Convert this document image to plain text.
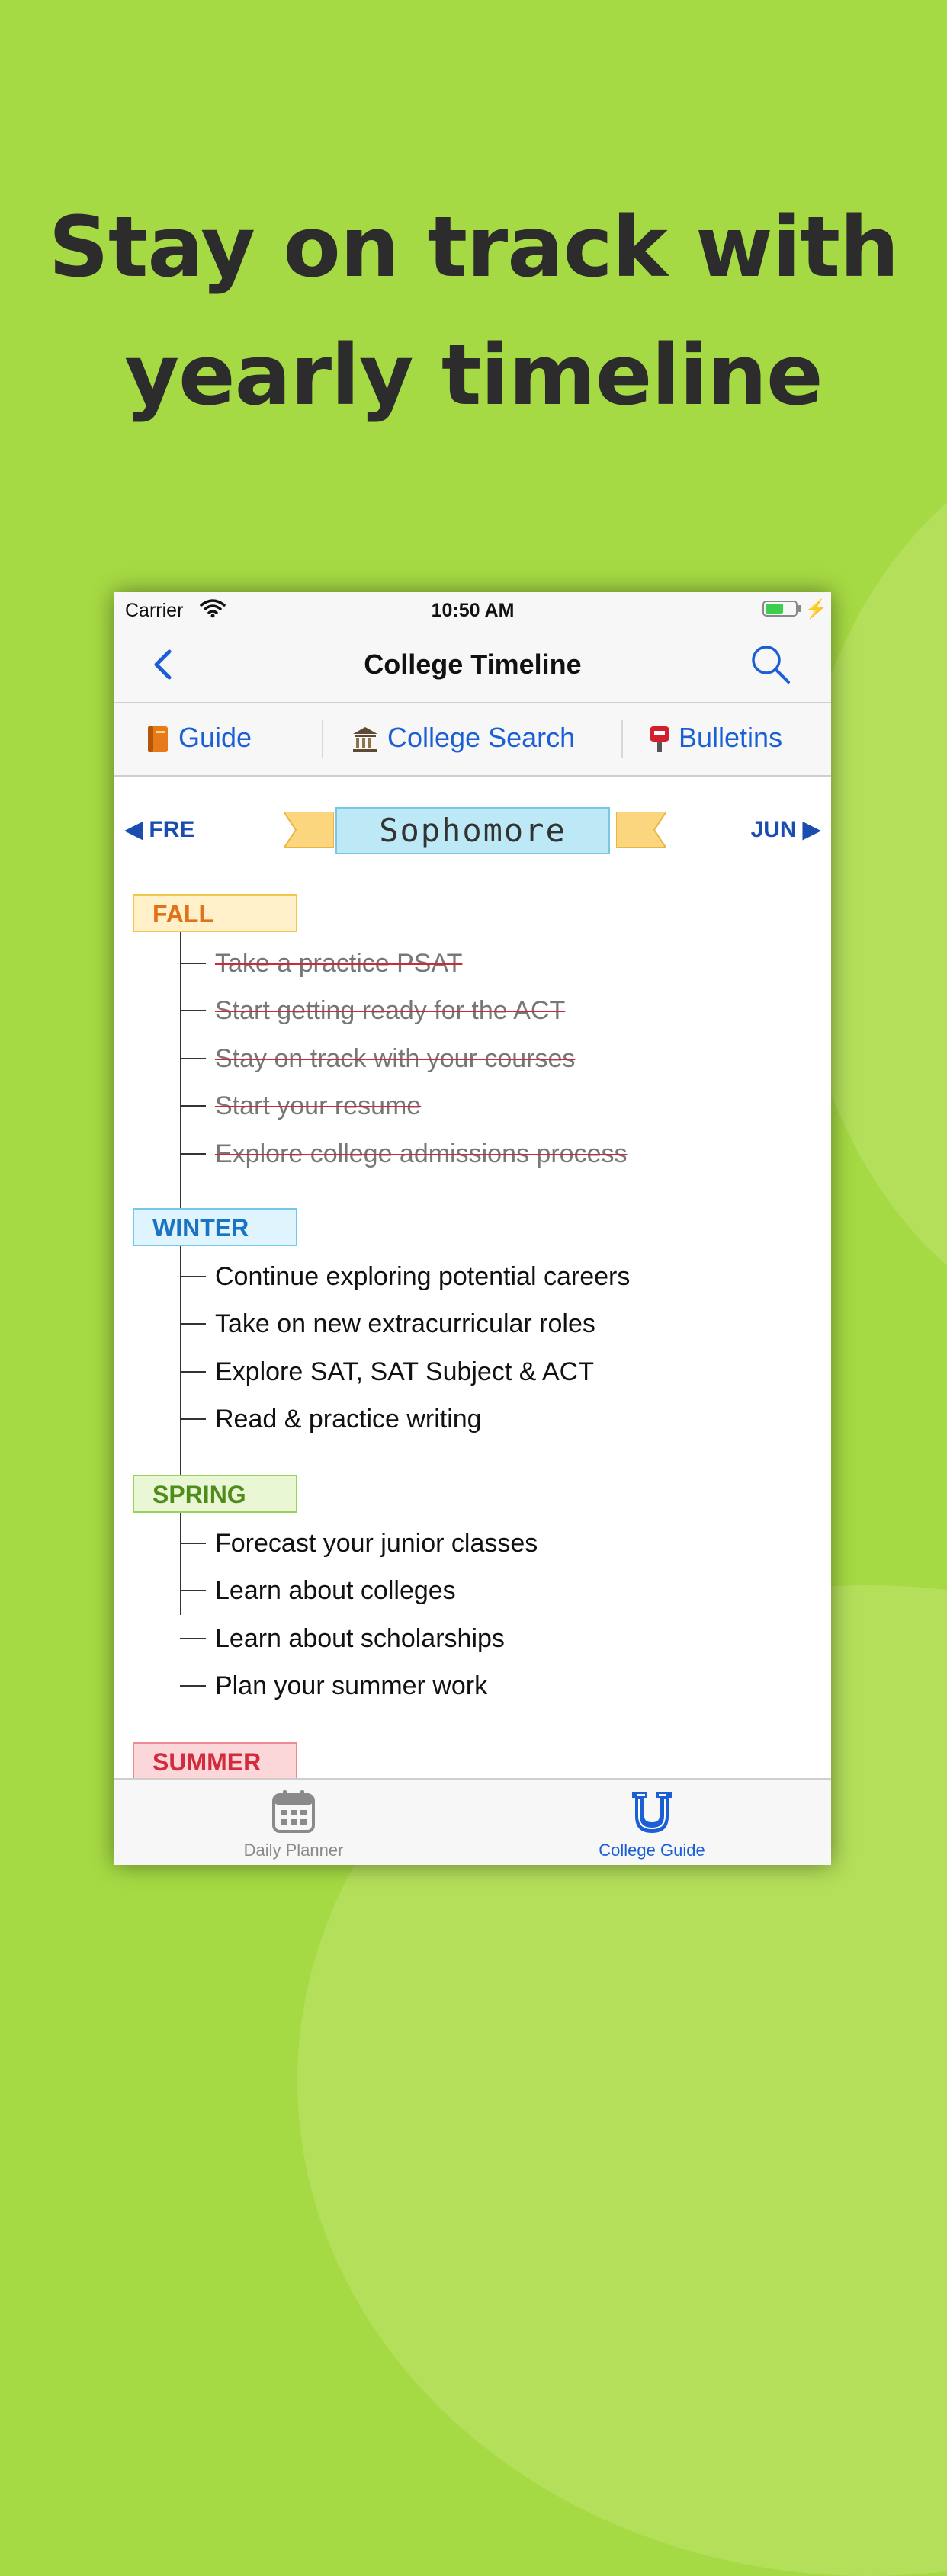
Stay on track with
yearly timeline
Carrier	10:50 AM	⚡
College Timeline
Guide	College Search	Bulletins
◀ FRE	Sophomore	JUN ▶
FALL
Take a practice PSAT
Start getting ready for the ACT
Stay on track with your courses
Start your resume
Explore college admissions process
WINTER
Continue exploring potential careers
Take on new extracurricular roles
Explore SAT, SAT Subject & ACT
Read & practice writing
SPRING
Forecast your junior classes
Learn about colleges
Learn about scholarships
Plan your summer work
SUMMER
Daily Planner	College Guide
